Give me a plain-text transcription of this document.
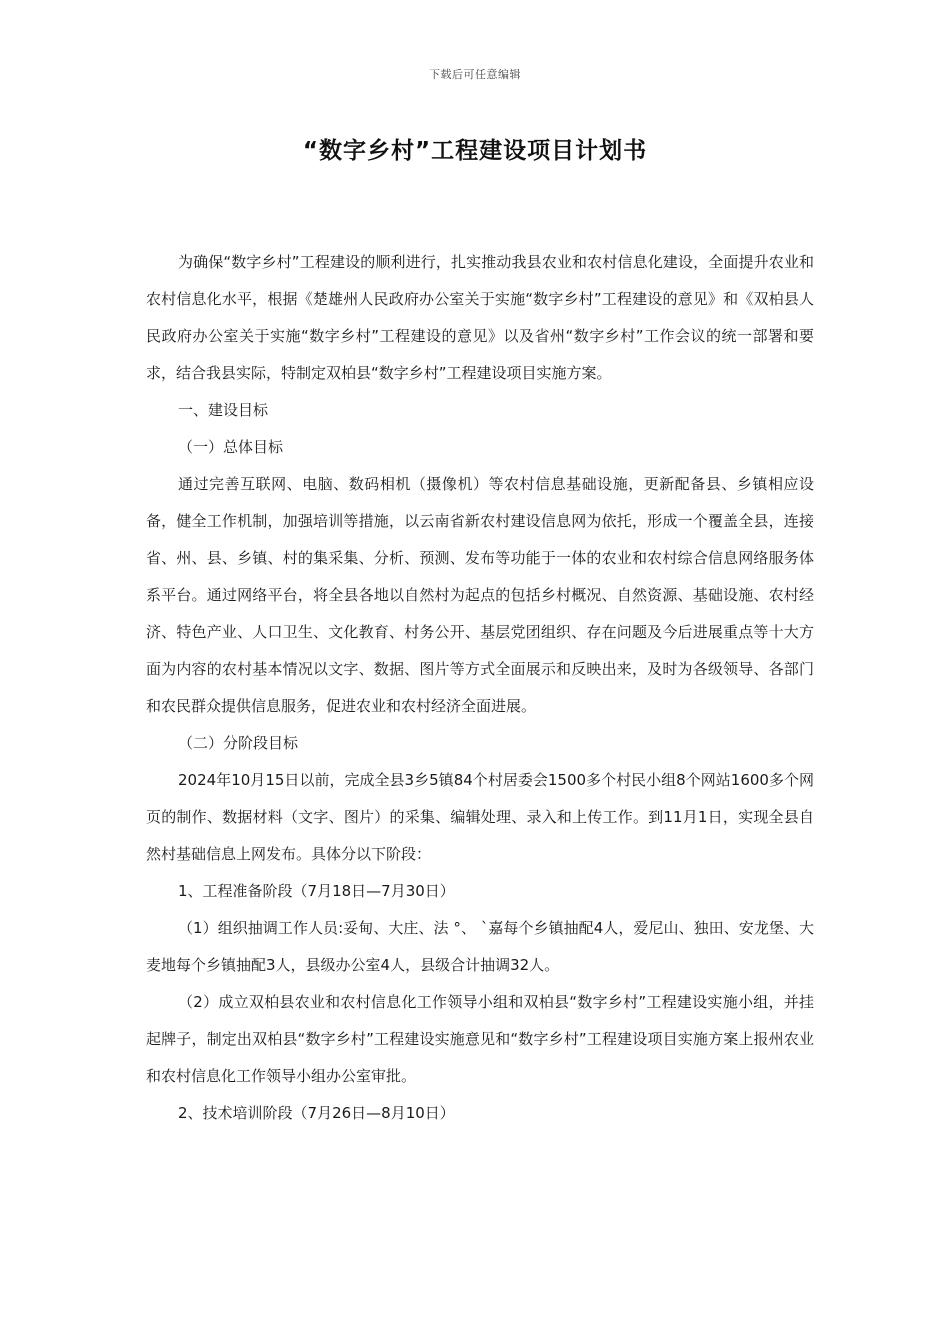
下载后可任意编辑
“数字乡村”工程建设项目计划书

为确保“数字乡村”工程建设的顺利进行，扎实推动我县农业和农村信息化建设，全面提升农业和农村信息化水平，根据《楚雄州人民政府办公室关于实施“数字乡村”工程建设的意见》和《双柏县人民政府办公室关于实施“数字乡村”工程建设的意见》以及省州“数字乡村”工作会议的统一部署和要求，结合我县实际，特制定双柏县“数字乡村”工程建设项目实施方案。

一、建设目标

（一）总体目标

通过完善互联网、电脑、数码相机（摄像机）等农村信息基础设施，更新配备县、乡镇相应设备，健全工作机制，加强培训等措施，以云南省新农村建设信息网为依托，形成一个覆盖全县，连接省、州、县、乡镇、村的集采集、分析、预测、发布等功能于一体的农业和农村综合信息网络服务体系平台。通过网络平台，将全县各地以自然村为起点的包括乡村概况、自然资源、基础设施、农村经济、特色产业、人口卫生、文化教育、村务公开、基层党团组织、存在问题及今后进展重点等十大方面为内容的农村基本情况以文字、数据、图片等方式全面展示和反映出来，及时为各级领导、各部门和农民群众提供信息服务，促进农业和农村经济全面进展。

（二）分阶段目标

2024年10月15日以前，完成全县3乡5镇84个村居委会1500多个村民小组8个网站1600多个网页的制作、数据材料（文字、图片）的采集、编辑处理、录入和上传工作。到11月1日，实现全县自然村基础信息上网发布。具体分以下阶段：

1、工程准备阶段（7月18日—7月30日）

（1）组织抽调工作人员:妥甸、大庄、法 °、 `嘉每个乡镇抽配4人，爱尼山、独田、安龙堡、大麦地每个乡镇抽配3人，县级办公室4人，县级合计抽调32人。

（2）成立双柏县农业和农村信息化工作领导小组和双柏县“数字乡村”工程建设实施小组，并挂起牌子，制定出双柏县“数字乡村”工程建设实施意见和“数字乡村”工程建设项目实施方案上报州农业和农村信息化工作领导小组办公室审批。

2、技术培训阶段（7月26日—8月10日）
